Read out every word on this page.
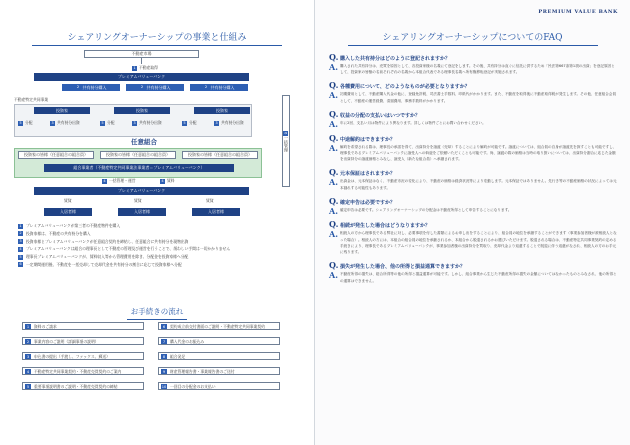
シェアリングオーナーシップの事業と仕組み
不動産市場
1 不動産取得
プレミアムバリューバンク
2 共有持分購入	2 共有持分購入	2 共有持分購入
不動産特定共同事業
投資家	投資家	投資家
5 分配	3 共有持分出資	5 分配	3 共有持分出資	5 分配	3 共有持分出資
任意組合
投資家の皆様（任意組合の組合員）	投資家の皆様（任意組合の組合員）	投資家の皆様（任意組合の組合員）
組合事業者（不動産特定共同事業法事業者＝プレミアムバリューバンク）
4 一括管理・運営	4 賃料
プレミアムバリューバンク
賃貸	賃貸	賃貸
入居者様	入居者様	入居者様
6
一括管理
1 プレミアムバリューバンクが第三者の不動産物件を購入
2 投資家様は、不動産の共有持分を購入
3 投資家様とプレミアムバリューバンクが任意組合契約を締結し、任意組合に共有持分を現物出資
4 プレミアムバリューバンクは組合の理事長として不動産の管理及び運営を行うことで、煩わしい手間は一切かかりません
5 理事長プレミアムバリューバンクが、賃料収入等から管理費用を除き、分配金を投資家様へ分配
6 一定期間運用後、不動産を一括売却して売却代金を共有持分の割合に応じて投資家様へ分配
お手続きの流れ
1 資料のご請求
2 事業内容のご説明（詳細事項の説明）
3 申込書の提出（手渡し、ファックス、郵送）
4 不動産特定共同事業契約・不動産売買契約のご案内
5 重要事項説明書のご説明・不動産売買契約の締結
6 契約成立前交付書面のご説明・不動産特定共同事業契約
7 購入代金のお振込み
8 組合発足
9 財産管理報告書・事業報告書のご送付
10 一回目の分配金のお支払い
PREMIUM VALUE BANK
シェアリングオーナーシップについてのFAQ
Q. 購入した共有持分はどのように登記されますか？
A. 購入された共有持分は、売買を原因として、各投資家様の名義にて登記をします。その後、共有持分は直ぐに信託に供するため「民法第667条第1項の出資」を登記原因として、投資家の皆様の名前それぞれの名義から本組合代表である理事長名義へ所有権移転登記が実施されます。
Q. 各種費用について、どのようなものが必要となりますか？
A. 初期費用として、不動産購入代金の他に、登録免許税、司法書士手数料、印紙代がかかります。また、不動産を取得後に不動産取得税が発生します。その他、任意組合会員として、不動産の運営経費、清掃費用、事務手数料がかかります。
Q. 収益の分配の支払いはいつですか？
A. 年に2回、支払い月は物件により異なります。詳しくは物件ごとにお問い合わせください。
Q. 中途解約はできますか？
A. 解約を希望される際は、理事長の承諾を得て、出資持分を譲渡（売却）することにより解約が可能です。譲渡については、組合員の自身が譲渡先を探すことも可能ですし、理事長であるプレミアムバリューバンクに譲受人への斡旋をご依頼いただくことも可能です。尚、譲渡の際の価格は当時の取り扱いについては、出資持分割合に応じた金額を出資持分の譲渡価格とみなし、譲受人（新たな組合員）へ承継されます。
Q. 元本保証はされますか？
A. 出資金は、元本保証はなく、不動産市況の変化により、不動産の価格は経済状況等により変動します。元本保証ではありません。先行き等の不動産価格の状況によっては元本割れする可能性もあります。
Q. 確定申告は必要ですか？
A. 確定申告は必要です。シェアリングオーナーシップの分配金は不動産所得として申告することになります。
Q. 相続が発生した場合はどうなりますか？
A. 相続人の方から理事長である弊社に対し、必要事項を付した書類によるお申し出をすることにより、組合員の地位を承継することができます（事業参加者様が被相続人となった場合）。相続人の方には、本組合の組合員の地位を承継されるか、本組合から脱退されるかお選びいただけます。脱退される場合は、不動産特定共同事業契約の定める手続きにより、理事長であるプレミアムバリューバンクが、事業参加者様の出資持分を買取り、売却代金より返還することで脱退に伴う返還がなされ、相続人の方のお手元に残ります。
Q. 損失が発生した場合、他の所得と損益通算できますか？
A. 不動産所得の損失は、総合所得等の他の所得と損益通算が可能です。しかし、組合事業から生じた不動産所得の損失の金額についてはなかったものとみなされ、他の所得との通算はできません。
